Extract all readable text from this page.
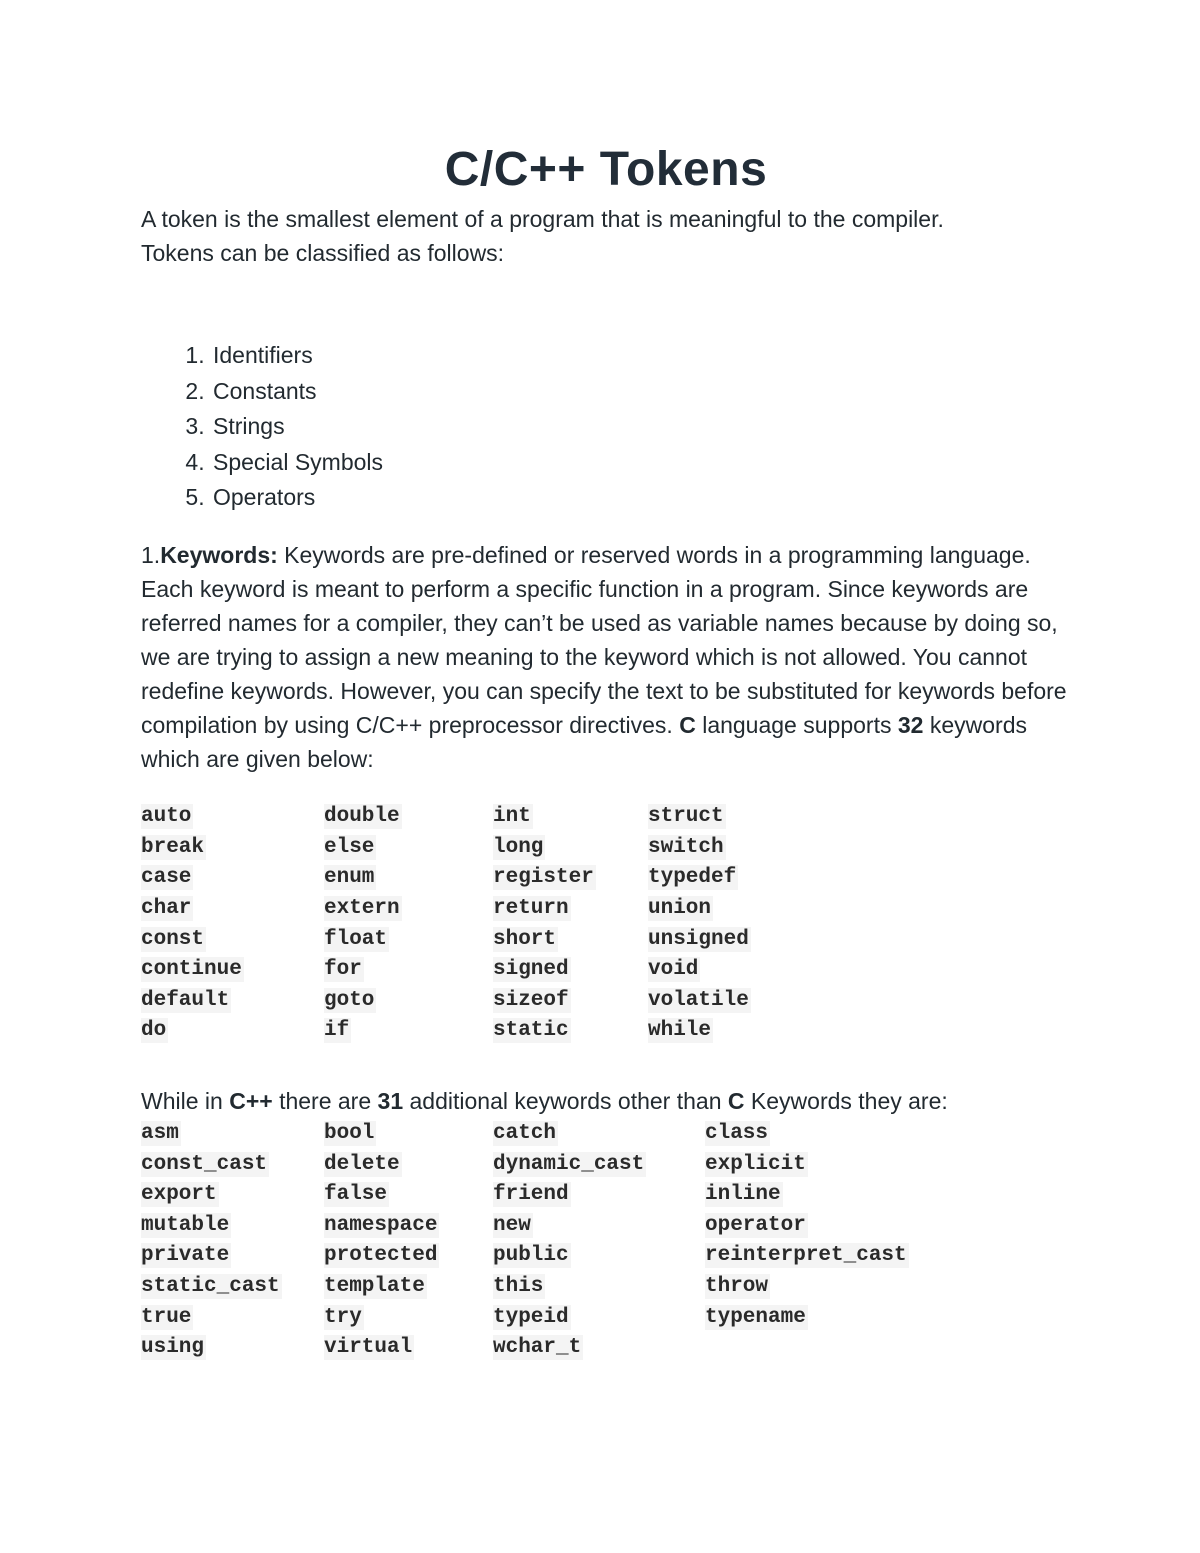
C/C++ Tokens

A token is the smallest element of a program that is meaningful to the compiler.
Tokens can be classified as follows:

1. Identifiers
2. Constants
3. Strings
4. Special Symbols
5. Operators

1.Keywords: Keywords are pre-defined or reserved words in a programming language. Each keyword is meant to perform a specific function in a program. Since keywords are referred names for a compiler, they can’t be used as variable names because by doing so, we are trying to assign a new meaning to the keyword which is not allowed. You cannot redefine keywords. However, you can specify the text to be substituted for keywords before compilation by using C/C++ preprocessor directives. C language supports 32 keywords which are given below:

auto	double	int	struct
break	else	long	switch
case	enum	register	typedef
char	extern	return	union
const	float	short	unsigned
continue	for	signed	void
default	goto	sizeof	volatile
do	if	static	while

While in C++ there are 31 additional keywords other than C Keywords they are:

asm	bool	catch	class
const_cast	delete	dynamic_cast	explicit
export	false	friend	inline
mutable	namespace	new	operator
private	protected	public	reinterpret_cast
static_cast	template	this	throw
true	try	typeid	typename
using	virtual	wchar_t	
